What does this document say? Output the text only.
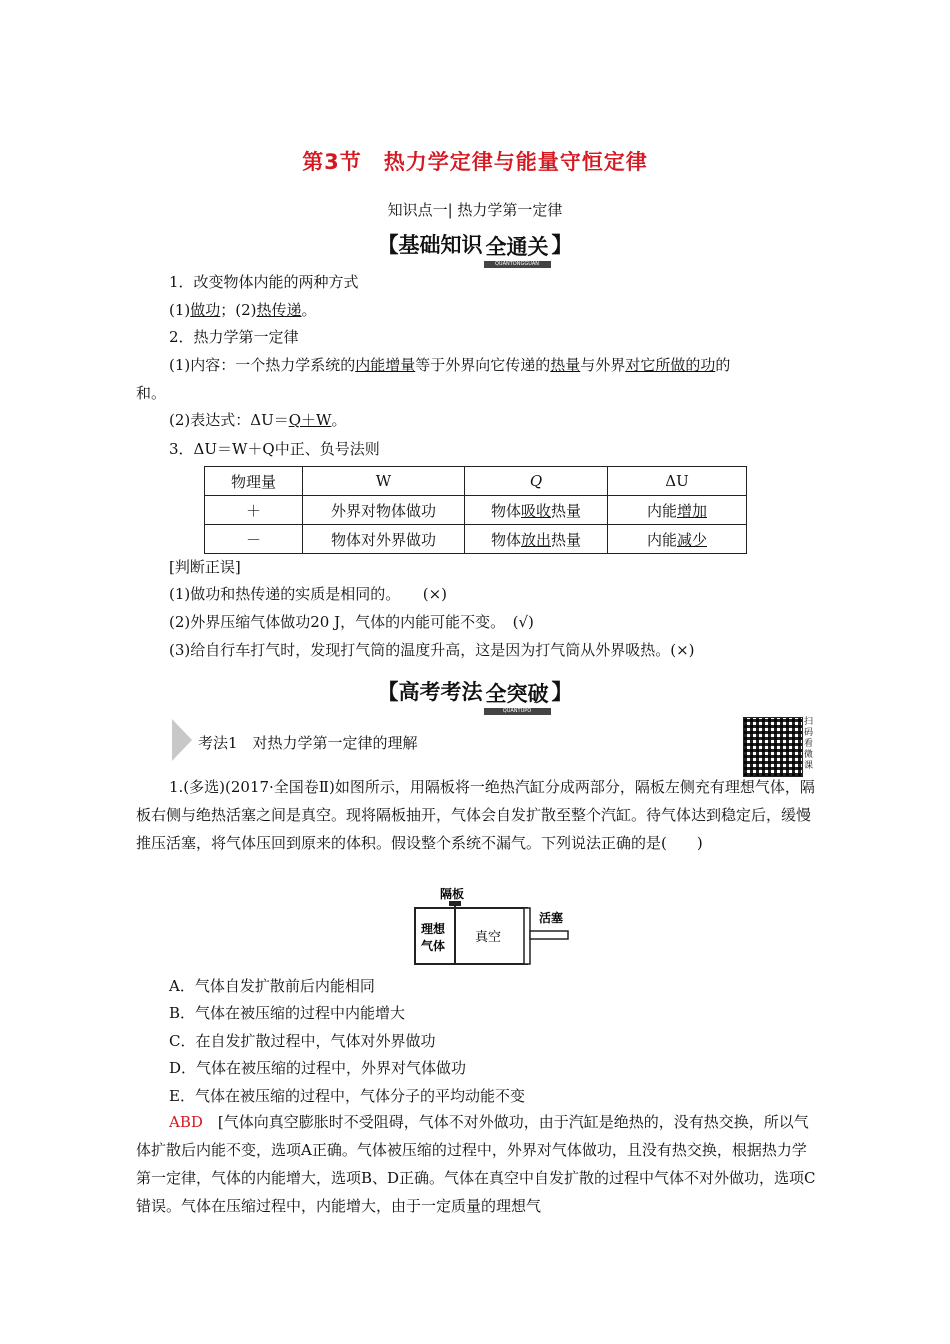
第3节　热力学定律与能量守恒定律
知识点一| 热力学第一定律
【基础知识 全通关
QUANTONGGUAN
】
1．改变物体内能的两种方式
(1)做功；(2)热传递。
2．热力学第一定律
(1)内容：一个热力学系统的内能增量等于外界向它传递的热量与外界对它所做的功的
和。
(2)表达式：ΔU＝Q＋W。
3．ΔU＝W＋Q中正、负号法则
物理量	W	Q	ΔU
＋	外界对物体做功	物体吸收热量	内能增加
－	物体对外界做功	物体放出热量	内能减少
[判断正误]
(1)做功和热传递的实质是相同的。　　(×)
(2)外界压缩气体做功20 J，气体的内能可能不变。　(√)
(3)给自行车打气时，发现打气筒的温度升高，这是因为打气筒从外界吸热。(×)
【高考考法 全突破
QUANTUPO
】
考法1　对热力学第一定律的理解
扫码看微课
1.(多选)(2017·全国卷Ⅱ)如图所示，用隔板将一绝热汽缸分成两部分，隔板左侧充有理想气体，隔板右侧与绝热活塞之间是真空。现将隔板抽开，气体会自发扩散至整个汽缸。待气体达到稳定后，缓慢推压活塞，将气体压回到原来的体积。假设整个系统不漏气。下列说法正确的是(　　)
隔板
理想
气体
真空
活塞
A．气体自发扩散前后内能相同
B．气体在被压缩的过程中内能增大
C．在自发扩散过程中，气体对外界做功
D．气体在被压缩的过程中，外界对气体做功
E．气体在被压缩的过程中，气体分子的平均动能不变
ABD　 [气体向真空膨胀时不受阻碍，气体不对外做功，由于汽缸是绝热的，没有热交换，所以气体扩散后内能不变，选项A正确。气体被压缩的过程中，外界对气体做功，且没有热交换，根据热力学第一定律，气体的内能增大，选项B、D正确。气体在真空中自发扩散的过程中气体不对外做功，选项C错误。气体在压缩过程中，内能增大，由于一定质量的理想气
